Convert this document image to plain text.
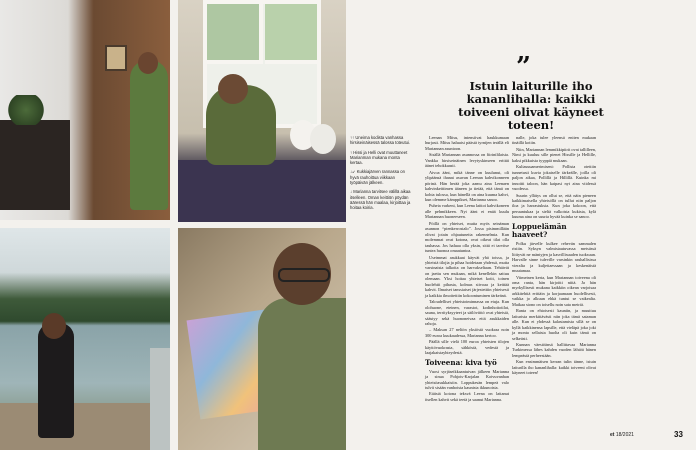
”
Istuin laiturille iho kananlihalla: kaikki toiveeni olivat käyneet toteen!

↑↑ Uneima kodista vanhassa hirsiseinäisessä talossa toteutui.

↑ Hissi ja Helli ovat muuttaneet Marianman mukana monta kertaa.

↓↙ Kukkiajärven rannassa on hyvä rauhoittua viikkaan työpäivän jälkeen.

↓ Marianna tarvitsee välillä aikaa itselleen. Oman keittiön pöydän ääressä hän maalaa, kirjoittaa ja hoitaa koiria.

Leenan Miisu, intensiivat haukkumaan hurjasti. Miisu haluaisi päästä tyrnijen terällä eli Mariannan asuntoon.

Sisällä Mariannan asunnossa on fiiriniltlaista. Vankka hirsiseinäinen levytyskinseen erittäi äänet tehokkaasti.

Aivoa äänt, mikä tänne on kuulunut, oli ylipäänsä ihanat asuvan Leenan kahvikonneen pörinä. Hän herää joka aamu aina Leenaen kahvinkeittimen ääneen ja tietää, että tämä on kohta tulossa, kun hänellä on aina kuuma kahvi, kun olemme kämppikset, Marianna sanoo.

Puheia varkeni, kun Leena laittoi kahvikoneen alle pehmikkeen. Nyt äänt ei enää kuulu Mariannan huoneeseen.

Pöillä on yhteiset, mutta myös seinäman asunnon “pienkerrostalo”. Jossa pisimmillään olivat jotain ohjautuneita rakennelmia. Kun molemmat ovat kotona, ovat oikeat tilat olla tauhassa. Jos haluaa olla yksin, sittä ei tarvitse tuntea huonoa omaatuntoa.

Useimmat asukkaat käyvät yhä toissa, ja yhteistä tilojia ja pihaa hoidetaan yhdessä, mutta varsinaista talkoita on harvakseltaan. Tehtävät on jaettu sen mukaan, mikä kenellekin sattuu olemaan. Yksi hoitaa yhteiset kotit, toinen huolehtii pihasta, kolmas siivoaa ja keittää kahvit. Ilmaiset tanssiaiset järjestettiin yhteisesti ja kaikkia ilmoitettiin kokoontuminen tärkeänä.

Taloudelliset yhteistoiminnassa on etuja. Kun olohuone, eteinen, varastot, kodinhoitotilat, sauna, territyksyyteet ja säilöviittö ovat yhteisiä, säästyy sekä huononeivaa että asukkaiden rahoja.

– Maksan 27 neliön yksiöstä vuokraa noin 300 euroa kuukaudessa, Marianna kertoo.

Päällä sille vielä 100 euroa yhteisten tilojen käyttövuokrasta, sähköstä, vedestä ja laajakaistayhteydestä.

Toiveena: kiva työ

Vuosi syrjäseikkaantuivan jälkeen Marianna ja sinua Pohjois-Karjalan Koivuvanhan yhteisöasukkaisiin. Loppukesän lempeä valo tulvii sisään vanhoista kaunista ikkunoista.

Etäistä kotona teksvä Leena on lattanut itsellen kahvit sekä teetä ja saanut Marianna.

nalle, joka tulee yleensä eniten mukaan tinäillä kotiin.

Niin, Mariannan lemmikkipiirit ovat tallilleen, Nimi ja kuuluu sille pienet Hissille ja Hellille, kaksi pikkuista tyyppiä mukaan.

Kultasuuamerimiseni: Pollista otettiin tunnetusti kuvia jokaiselle tärkeälle, joilla oli paljon aikaa, Pollillä ja Hillillä. Kuinka mi innoitti taloon, hän kaipasi nyt aina viidessä vuodessa.

Suurin yllätys on ollut se, että näin pieneen kaikkimaisella yhteisöllä on tullut niin paljon iloa ja harrastuksia. Kun joka kokoon, että peruuntukaa ja sieltä valkoista kukista, kylä kuuma aina on suuria hyvää kuinka se sanoo.

Loppuelämän haaveet?

Polku järvelle kulkee rehevän sammalen ristiin. Syksyn valmistautuvassa metsässä liittyvät ne mäntyjen ja kasvillisuuden tuoksuun. Harvalle sinne tuleville varsinkin rauhallisissa vieralta ja kuljettaessaan ja keskenäistä muutamaa.

Viimeinen kerta, kun Mariannan toiveena oli oma ranta, hän kirjoitti niitä. Ja hän myrkyllisesti mukana kaikkiin oikean varjoisaa arkkitehtiä erittäin ja korjaamaan huolellisesti, vaikka jo alkuun ehkä tuntui se vaikealta. Maikaa stono on toisellu noin sata metriä.

Ranta on ehtoisesti kauniin, ja muuttuu laiturista merkittävästi niin joka tämä sataman alle. Kun ei yhdessä kalastamista sillä se on kyllä kaikkinensa lapsille, että vieläpä joka joki ja monta sellaista huolta oli kuin tämä on selkeästi.

Kunnan väestöänsä hallittavaa Marianna Turkimessa lähes kahden vuoden lähtöä hänen lempeästä perheestään.

Kun ensimmäisen kerran tulin tänne, istuin laiturilla iho kananlihalla: kaikki toiveeni olivat käyneet toteen!

et 18/2021	33
